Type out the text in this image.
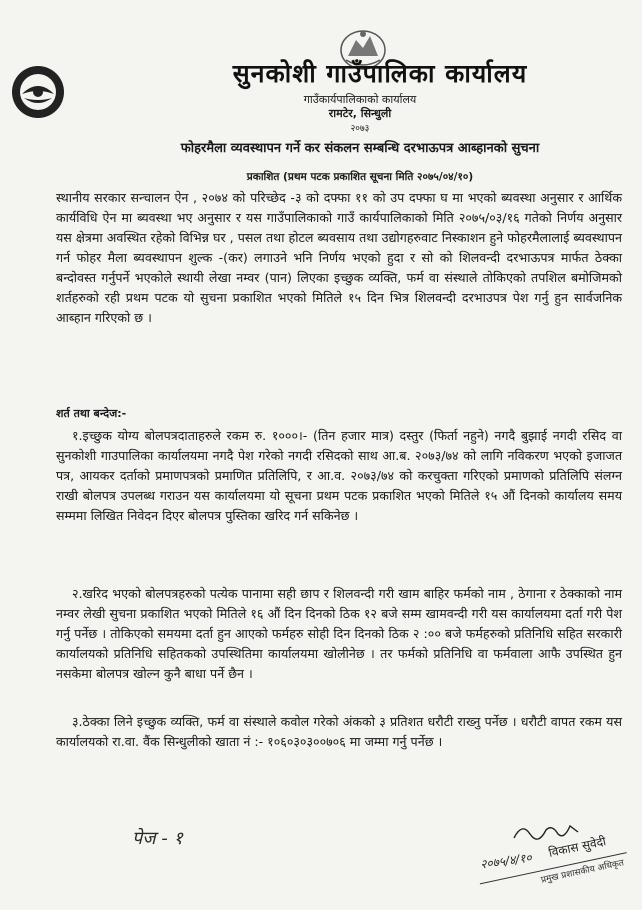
सुनकोशी गाउँपालिका कार्यालय
गाउँकार्यपालिकाको कार्यालय
रामटेर, सिन्धुली
२०७३
फोहरमैला व्यवस्थापन गर्ने कर संकलन सम्बन्धि दरभाऊपत्र आब्हानको सुचना
प्रकाशित (प्रथम पटक प्रकाशित सूचना मिति २०७५/०४/१०)
स्थानीय सरकार सन्चालन ऐन , २०७४ को परिच्छेद -३ को दफ्फा ११ को उप दफ्फा घ मा भएको ब्यवस्था अनुसार र आर्थिक कार्यविधि ऐन मा ब्यवस्था भए अनुसार र यस गाउँपालिकाको गाउँ कार्यपालिकाको मिति २०७५/०३/१६ गतेको निर्णय अनुसार यस क्षेत्रमा अवस्थित रहेको विभिन्न घर , पसल तथा होटल ब्यवसाय तथा उद्योगहरुवाट निस्काशन हुने फोहरमैलालाई ब्यवस्थापन गर्न फोहर मैला ब्यवस्थापन शुल्क -(कर) लगाउने भनि निर्णय भएको हुदा र सो को शिलवन्दी दरभाऊपत्र मार्फत ठेक्का बन्दोवस्त गर्नुपर्ने भएकोले स्थायी लेखा नम्वर (पान) लिएका इच्छुक व्यक्ति, फर्म वा संस्थाले तोकिएको तपशिल बमोजिमको शर्तहरुको रही प्रथम पटक यो सुचना प्रकाशित भएको मितिले १५ दिन भित्र शिलवन्दी दरभाउपत्र पेश गर्नु हुन सार्वजनिक आब्हान गरिएको छ ।
शर्त तथा बन्देज:-
१.इच्छुक योग्य बोलपत्रदाताहरुले रकम रु. १०००।- (तिन हजार मात्र) दस्तुर (फिर्ता नहुने) नगदै बुझाई नगदी रसिद वा सुनकोशी गाउपालिका कार्यालयमा नगदै पेश गरेको नगदी रसिदको साथ आ.ब. २०७३/७४ को लागि नविकरण भएको इजाजत पत्र, आयकर दर्ताको प्रमाणपत्रको प्रमाणित प्रतिलिपि, र आ.व. २०७३/७४ को करचुक्ता गरिएको प्रमाणको प्रतिलिपि संलग्न राखी बोलपत्र उपलब्ध गराउन यस कार्यालयमा यो सूचना प्रथम पटक प्रकाशित भएको मितिले १५ औं दिनको कार्यालय समय सम्ममा लिखित निवेदन दिएर बोलपत्र पुस्तिका खरिद गर्न सकिनेछ ।
२.खरिद भएको बोलपत्रहरुको पत्येक पानामा सही छाप र शिलवन्दी गरी खाम बाहिर फर्मको नाम , ठेगाना र ठेक्काको नाम नम्वर लेखी सुचना प्रकाशित भएको मितिले १६ औं दिन दिनको ठिक १२ बजे सम्म खामवन्दी गरी यस कार्यालयमा दर्ता गरी पेश गर्नु पर्नेछ । तोकिएको समयमा दर्ता हुन आएको फर्महरु सोही दिन दिनको ठिक २ :०० बजे फर्महरुको प्रतिनिधि सहित सरकारी कार्यालयको प्रतिनिधि सहितकको उपस्थितिमा कार्यालयमा खोलीनेछ । तर फर्मको प्रतिनिधि वा फर्मवाला आफै उपस्थित हुन नसकेमा बोलपत्र खोल्न कुनै बाधा पर्ने छैन ।
३.ठेक्का लिने इच्छुक व्यक्ति, फर्म वा संस्थाले कवोल गरेको अंकको ३ प्रतिशत धरौटी राख्नु पर्नेछ । धरौटी वापत रकम यस कार्यालयको रा.वा. वैंक सिन्धुलीको खाता नं :- १०६०३०३००७०६ मा जम्मा गर्नु पर्नेछ ।
पेज - १
२०७५/४/१०
विकास सुवेदी
प्रमुख प्रशासकीय अधिकृत
